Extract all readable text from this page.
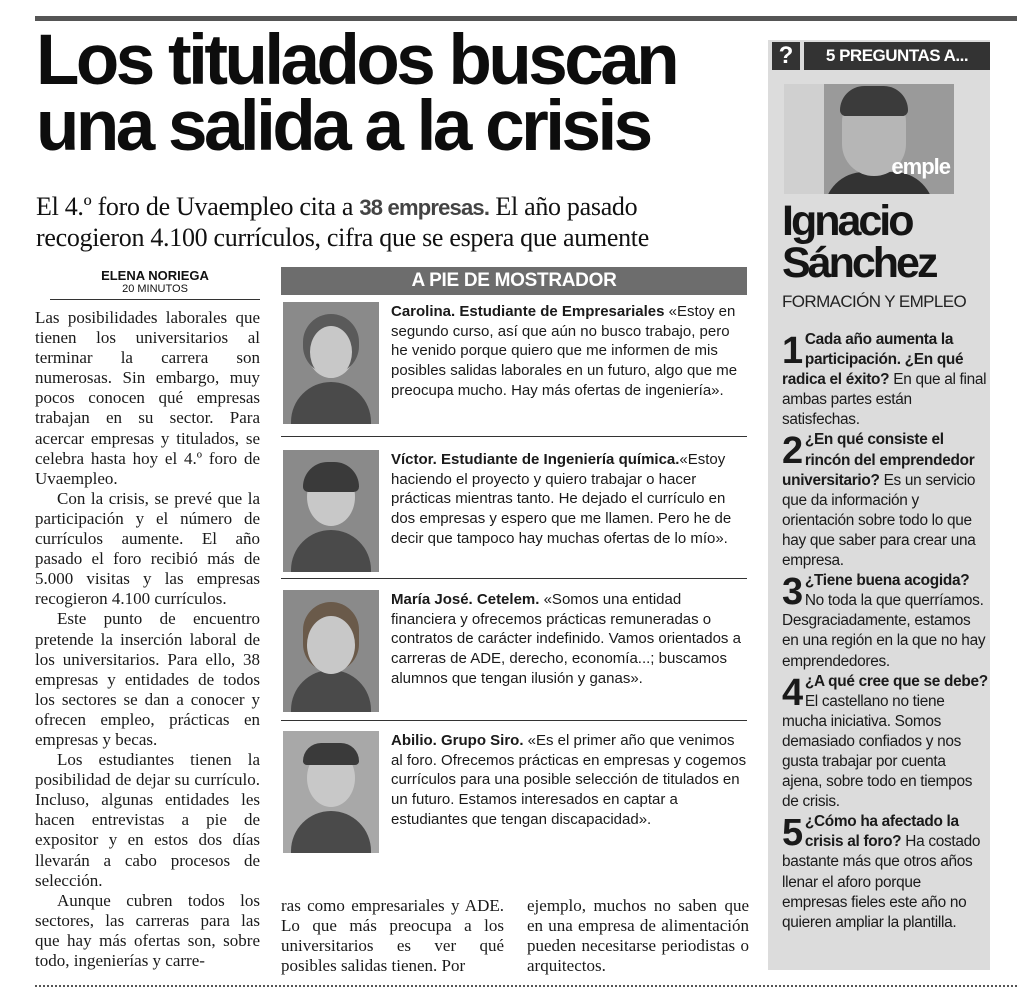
Los titulados buscan una salida a la crisis

El 4.º foro de Uvaempleo cita a 38 empresas. El año pasado recogieron 4.100 currículos, cifra que se espera que aumente

ELENA NORIEGA
20 MINUTOS

Las posibilidades laborales que tienen los universitarios al terminar la carrera son numerosas. Sin embargo, muy pocos conocen qué empresas trabajan en su sector. Para acercar empresas y titulados, se celebra hasta hoy el 4.º foro de Uvaempleo.

Con la crisis, se prevé que la participación y el número de currículos aumente. El año pasado el foro recibió más de 5.000 visitas y las empresas recogieron 4.100 currículos.

Este punto de encuentro pretende la inserción laboral de los universitarios. Para ello, 38 empresas y entidades de todos los sectores se dan a conocer y ofrecen empleo, prácticas en empresas y becas.

Los estudiantes tienen la posibilidad de dejar su currículo. Incluso, algunas entidades les hacen entrevistas a pie de expositor y en estos dos días llevarán a cabo procesos de selección.

Aunque cubren todos los sectores, las carreras para las que hay más ofertas son, sobre todo, ingenierías y carre-

ras como empresariales y ADE. Lo que más preocupa a los universitarios es ver qué posibles salidas tienen. Por

ejemplo, muchos no saben que en una empresa de alimentación pueden necesitarse periodistas o arquitectos.

A PIE DE MOSTRADOR
Carolina. Estudiante de Empresariales «Estoy en segundo curso, así que aún no busco trabajo, pero he venido porque quiero que me informen de mis posibles salidas laborales en un futuro, algo que me preocupa mucho. Hay más ofertas de ingeniería».
Víctor. Estudiante de Ingeniería química.«Estoy haciendo el proyecto y quiero trabajar o hacer prácticas mientras tanto. He dejado el currículo en dos empresas y espero que me llamen. Pero he de decir que tampoco hay muchas ofertas de lo mío».
María José. Cetelem. «Somos una entidad financiera y ofrecemos prácticas remuneradas o contratos de carácter indefinido. Vamos orientados a carreras de ADE, derecho, economía...; buscamos alumnos que tengan ilusión y ganas».
Abilio. Grupo Siro. «Es el primer año que venimos al foro. Ofrecemos prácticas en empresas y cogemos currículos para una posible selección de titulados en un futuro. Estamos interesados en captar a estudiantes que tengan discapacidad».
?	5 PREGUNTAS A...
emple
Ignacio Sánchez
FORMACIÓN Y EMPLEO

1 Cada año aumenta la participación. ¿En qué radica el éxito? En que al final ambas partes están satisfechas.

2 ¿En qué consiste el rincón del emprendedor universitario? Es un servicio que da información y orientación sobre todo lo que hay que saber para crear una empresa.

3 ¿Tiene buena acogida? No toda la que querríamos. Desgraciadamente, estamos en una región en la que no hay emprendedores.

4 ¿A qué cree que se debe? El castellano no tiene mucha iniciativa. Somos demasiado confiados y nos gusta trabajar por cuenta ajena, sobre todo en tiempos de crisis.

5 ¿Cómo ha afectado la crisis al foro? Ha costado bastante más que otros años llenar el aforo porque empresas fieles este año no quieren ampliar la plantilla.
